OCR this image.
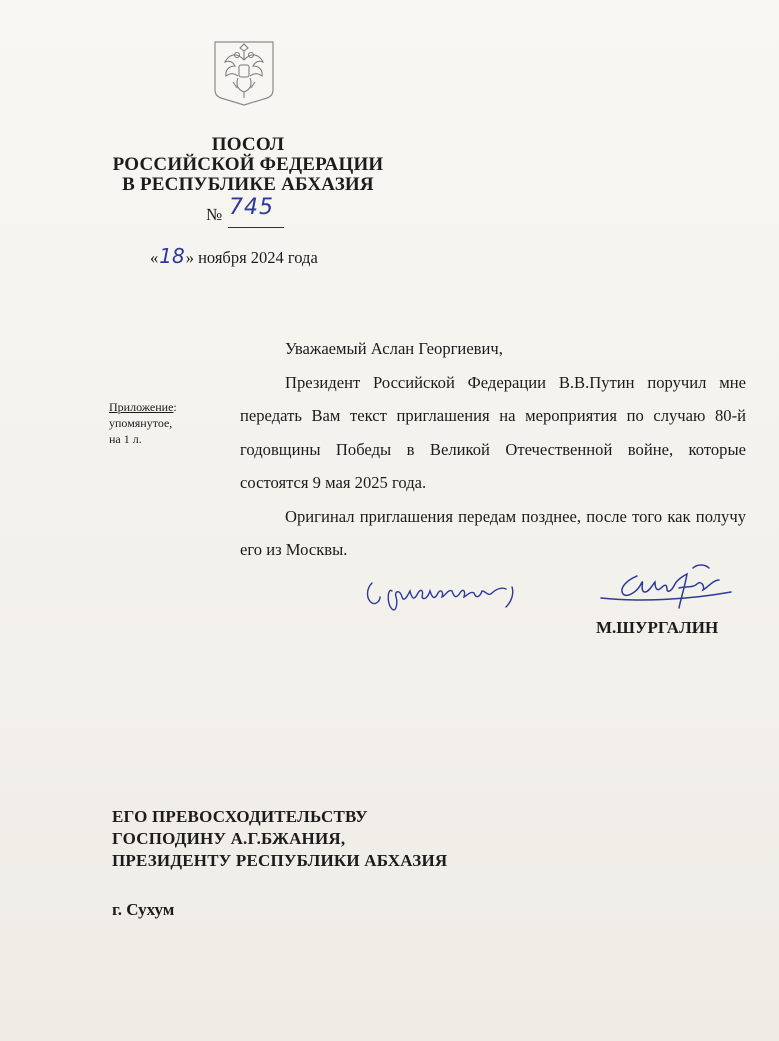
ПОСОЛ
РОССИЙСКОЙ ФЕДЕРАЦИИ
В РЕСПУБЛИКЕ АБХАЗИЯ
№ 745
«18» ноября 2024 года
Приложение:
упомянутое,
на 1 л.
Уважаемый Аслан Георгиевич,

Президент Российской Федерации В.В.Путин поручил мне передать Вам текст приглашения на мероприятия по случаю 80-й годовщины Победы в Великой Отечественной войне, которые состоятся 9 мая 2025 года.

Оригинал приглашения передам позднее, после того как получу его из Москвы.

М.ШУРГАЛИН
ЕГО ПРЕВОСХОДИТЕЛЬСТВУ
ГОСПОДИНУ А.Г.БЖАНИЯ,
ПРЕЗИДЕНТУ РЕСПУБЛИКИ АБХАЗИЯ
г. Сухум
